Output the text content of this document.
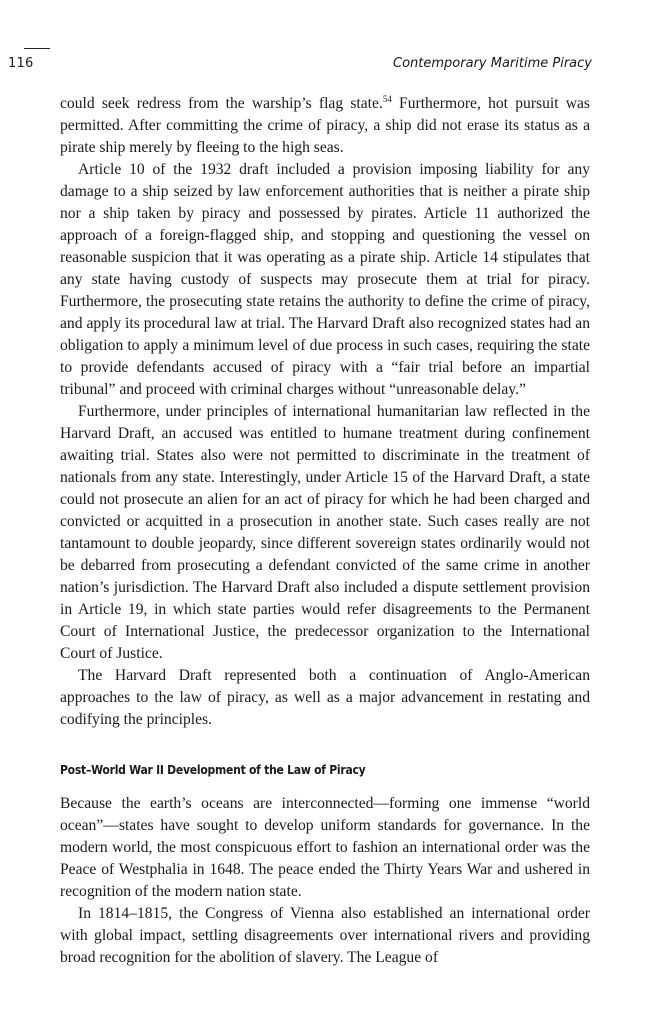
116	Contemporary Maritime Piracy

could seek redress from the warship’s flag state.$^{54}$ Furthermore, hot pursuit was permitted. After committing the crime of piracy, a ship did not erase its status as a pirate ship merely by fleeing to the high seas.

Article 10 of the 1932 draft included a provision imposing liability for any damage to a ship seized by law enforcement authorities that is neither a pirate ship nor a ship taken by piracy and possessed by pirates. Article 11 authorized the approach of a foreign-flagged ship, and stopping and questioning the vessel on reasonable suspicion that it was operating as a pirate ship. Article 14 stipulates that any state having custody of suspects may prosecute them at trial for piracy. Furthermore, the prosecuting state retains the authority to define the crime of piracy, and apply its procedural law at trial. The Harvard Draft also recognized states had an obligation to apply a minimum level of due process in such cases, requiring the state to provide defendants accused of piracy with a “fair trial before an impartial tribunal” and proceed with criminal charges without “unreasonable delay.”

Furthermore, under principles of international humanitarian law reflected in the Harvard Draft, an accused was entitled to humane treatment during confinement awaiting trial. States also were not permitted to discriminate in the treatment of nationals from any state. Interestingly, under Article 15 of the Harvard Draft, a state could not prosecute an alien for an act of piracy for which he had been charged and convicted or acquitted in a prosecution in another state. Such cases really are not tantamount to double jeopardy, since different sovereign states ordinarily would not be debarred from prosecuting a defendant convicted of the same crime in another nation’s jurisdiction. The Harvard Draft also included a dispute settlement provision in Article 19, in which state parties would refer disagreements to the Permanent Court of International Justice, the predecessor organization to the International Court of Justice.

The Harvard Draft represented both a continuation of Anglo-American approaches to the law of piracy, as well as a major advancement in restating and codifying the principles.

Post–World War II Development of the Law of Piracy

Because the earth’s oceans are interconnected—forming one immense “world ocean”—states have sought to develop uniform standards for governance. In the modern world, the most conspicuous effort to fashion an international order was the Peace of Westphalia in 1648. The peace ended the Thirty Years War and ushered in recognition of the modern nation state.

In 1814–1815, the Congress of Vienna also established an international order with global impact, settling disagreements over international rivers and providing broad recognition for the abolition of slavery. The League of
